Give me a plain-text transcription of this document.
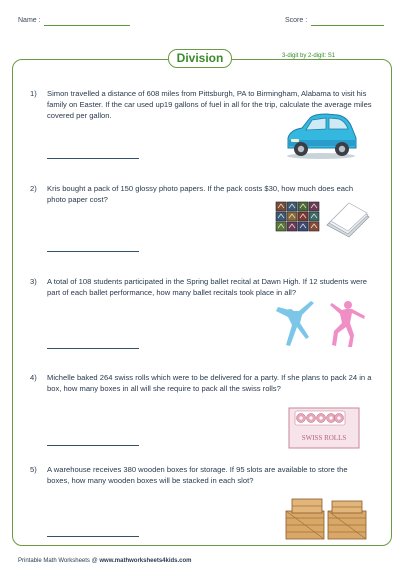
Name :	Score :
Division	3-digit by 2-digit: S1
1) Simon travelled a distance of 608 miles from Pittsburgh, PA to Birmingham, Alabama to visit his family on Easter. If the car used up19 gallons of fuel in all for the trip, calculate the average miles covered per gallon.
2) Kris bought a pack of 150 glossy photo papers. If the pack costs $30, how much does each photo paper cost?
3) A total of 108 students participated in the Spring ballet recital at Dawn High. If 12 students were part of each ballet performance, how many ballet recitals took place in all?
4) Michelle baked 264 swiss rolls which were to be delivered for a party. If she plans to pack 24 in a box, how many boxes in all will she require to pack all the swiss rolls?
SWISS ROLLS
5) A warehouse receives 380 wooden boxes for storage. If 95 slots are available to store the boxes, how many wooden boxes will be stacked in each slot?
Printable Math Worksheets @ www.mathworksheets4kids.com
